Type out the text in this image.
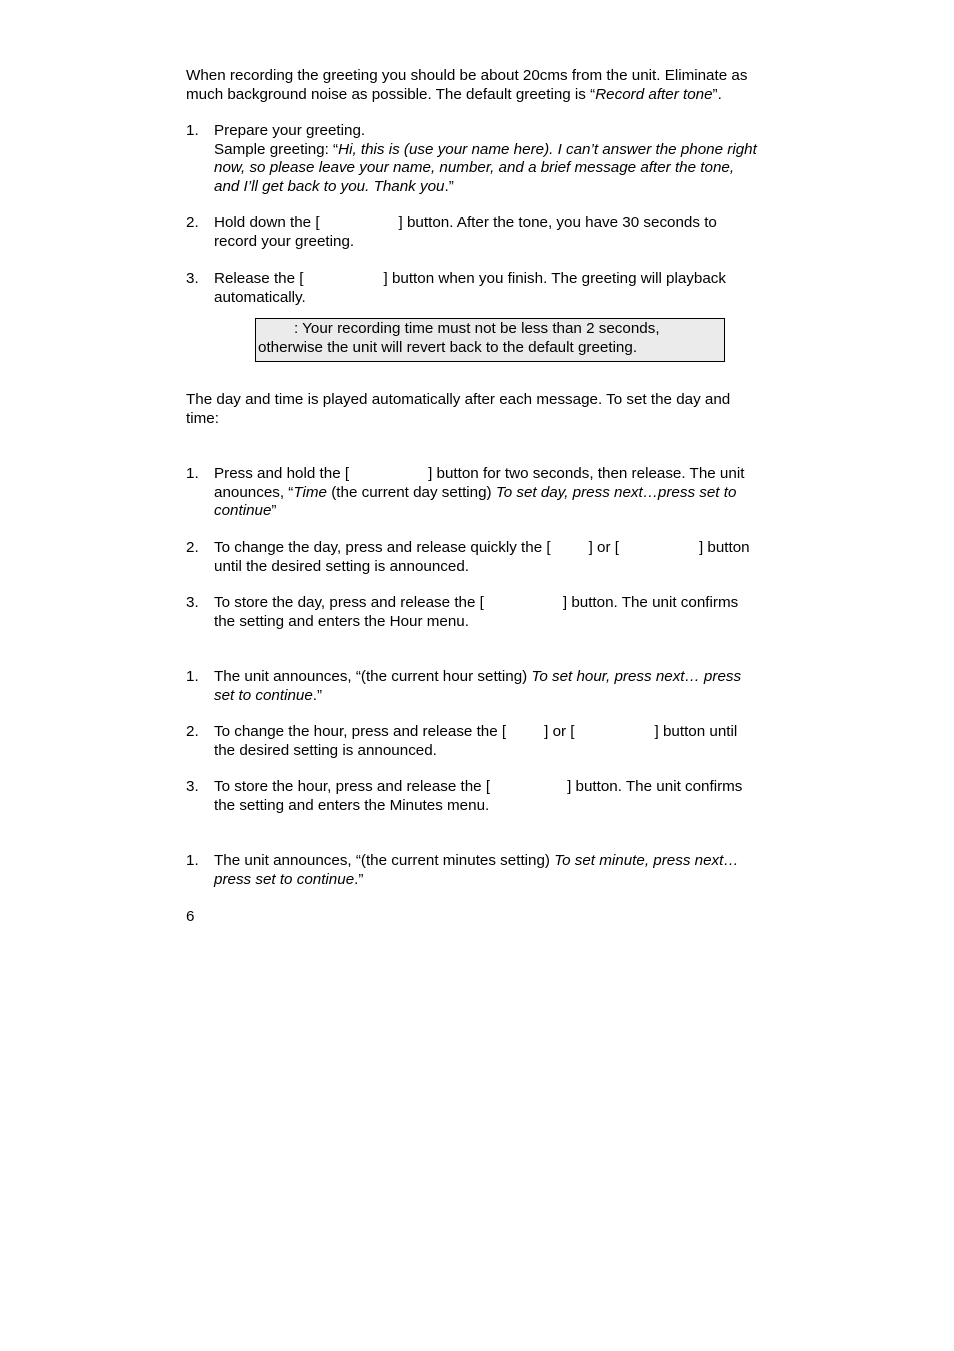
When recording the greeting you should be about 20cms from the unit. Eliminate as
much background noise as possible. The default greeting is “Record after tone”.
1. Prepare your greeting.
Sample greeting: “Hi, this is (use your name here). I can’t answer the phone right
now, so please leave your name, number, and a brief message after the tone,
and I’ll get back to you. Thank you.”
2. Hold down the [	] button. After the tone, you have 30 seconds to
record your greeting.
3. Release the [	] button when you finish. The greeting will playback
automatically.
: Your recording time must not be less than 2 seconds,
otherwise the unit will revert back to the default greeting.
The day and time is played automatically after each message. To set the day and
time:
1. Press and hold the [	] button for two seconds, then release. The unit
anounces, “Time (the current day setting) To set day, press next…press set to
continue”
2. To change the day, press and release quickly the [	] or [	] button
until the desired setting is announced.
3. To store the day, press and release the [	] button. The unit confirms
the setting and enters the Hour menu.
1. The unit announces, “(the current hour setting) To set hour, press next… press
set to continue.”
2. To change the hour, press and release the [	] or [	] button until
the desired setting is announced.
3. To store the hour, press and release the [	] button. The unit confirms
the setting and enters the Minutes menu.
1. The unit announces, “(the current minutes setting) To set minute, press next…
press set to continue.”
6
